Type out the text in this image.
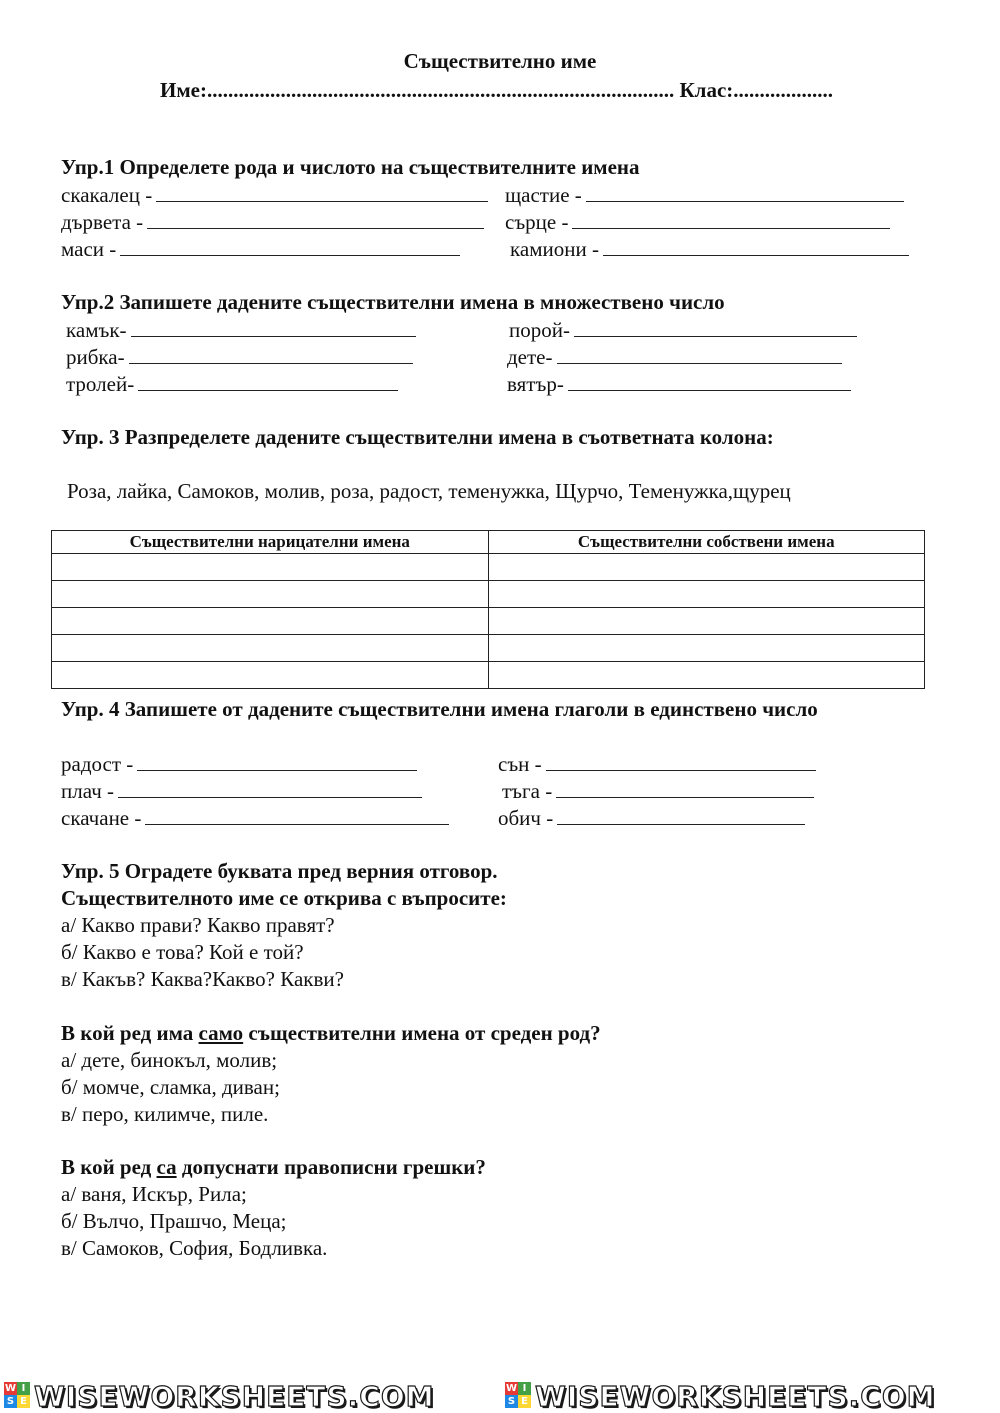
Съществително име
Име:......................................................................................... Клас:...................
Упр.1 Определете рода и числото на съществителните имена
скакалец -	щастие -
дървета -	сърце -
маси -	камиони -
Упр.2 Запишете дадените съществителни имена в множествено число
камък-	порой-
рибка-	дете-
тролей-	вятър-
Упр. 3 Разпределете дадените съществителни имена в съответната колона:
Роза, лайка, Самоков, молив, роза, радост, теменужка, Щурчо, Теменужка,щурец
Съществителни нарицателни имена	Съществителни собствени имена

Упр. 4 Запишете от дадените съществителни имена глаголи в единствено число
радост -	сън -
плач -	тъга -
скачане -	обич -
Упр. 5 Оградете буквата пред верния отговор.
Съществителното име се открива с въпросите:
а/ Какво прави? Какво правят?
б/ Какво е това? Кой е той?
в/ Какъв? Каква?Какво? Какви?
В кой ред има само съществителни имена от среден род?
а/ дете, бинокъл, молив;
б/ момче, сламка, диван;
в/ перо, килимче, пиле.
В кой ред са допуснати правописни грешки?
а/ ваня, Искър, Рила;
б/ Вълчо, Прашчо, Меца;
в/ Самоков, София, Бодливка.
W I
S E WISEWORKSHEETS.COM	W I
S E WISEWORKSHEETS.COM
